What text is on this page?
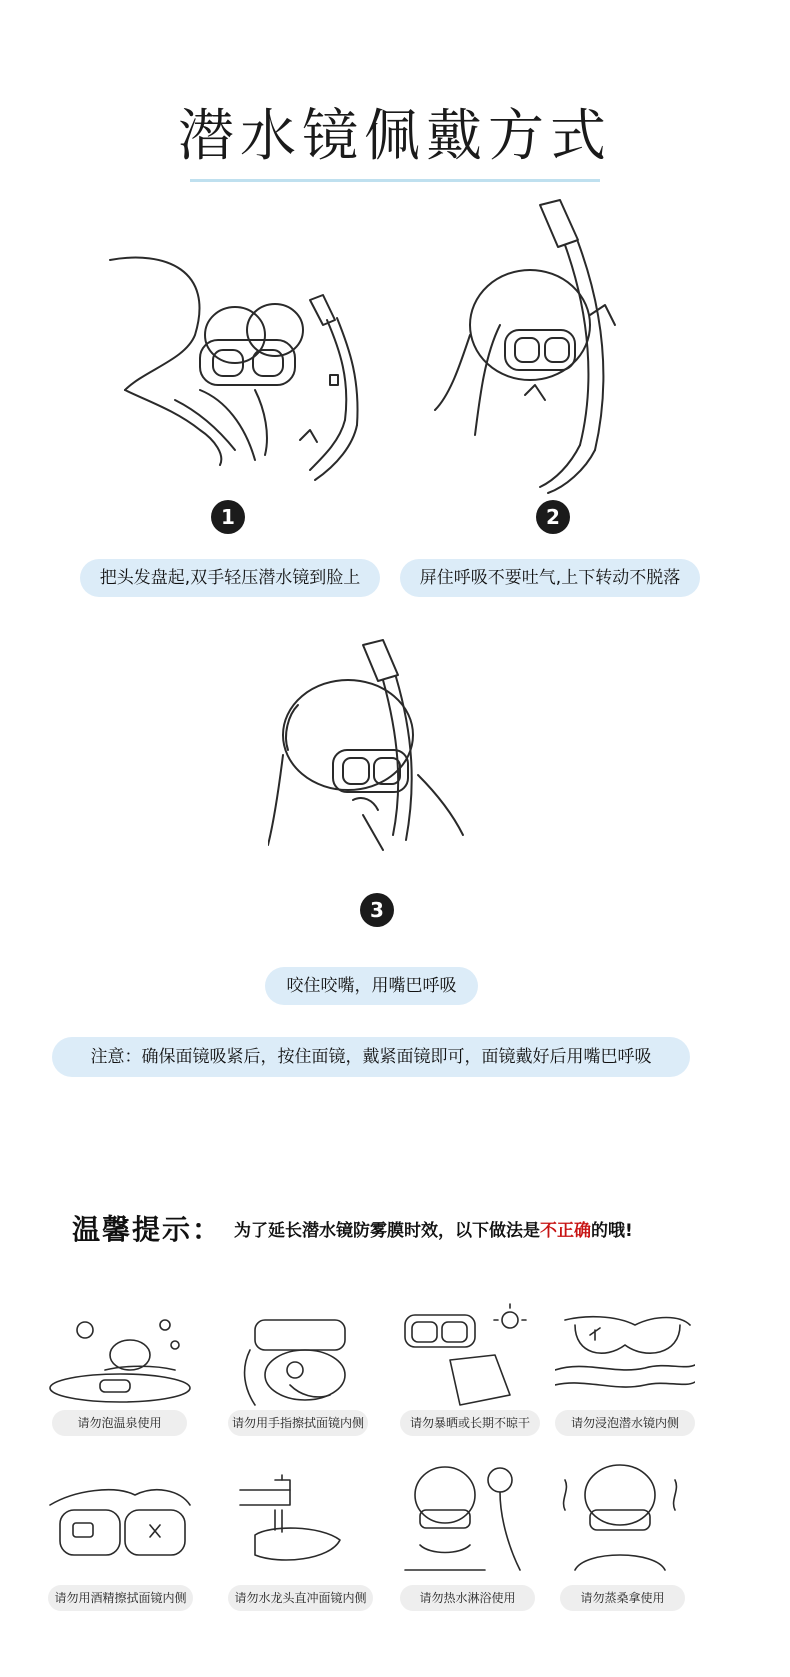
潜水镜佩戴方式
1	2
把头发盘起,双手轻压潜水镜到脸上	屏住呼吸不要吐气,上下转动不脱落
3
咬住咬嘴，用嘴巴呼吸
注意：确保面镜吸紧后，按住面镜，戴紧面镜即可，面镜戴好后用嘴巴呼吸
温馨提示： 为了延长潜水镜防雾膜时效，以下做法是不正确的哦!
请勿泡温泉使用	请勿用手指擦拭面镜内侧	请勿暴晒或长期不晾干	请勿浸泡潜水镜内侧
请勿用酒精擦拭面镜内侧	请勿水龙头直冲面镜内侧	请勿热水淋浴使用	请勿蒸桑拿使用
